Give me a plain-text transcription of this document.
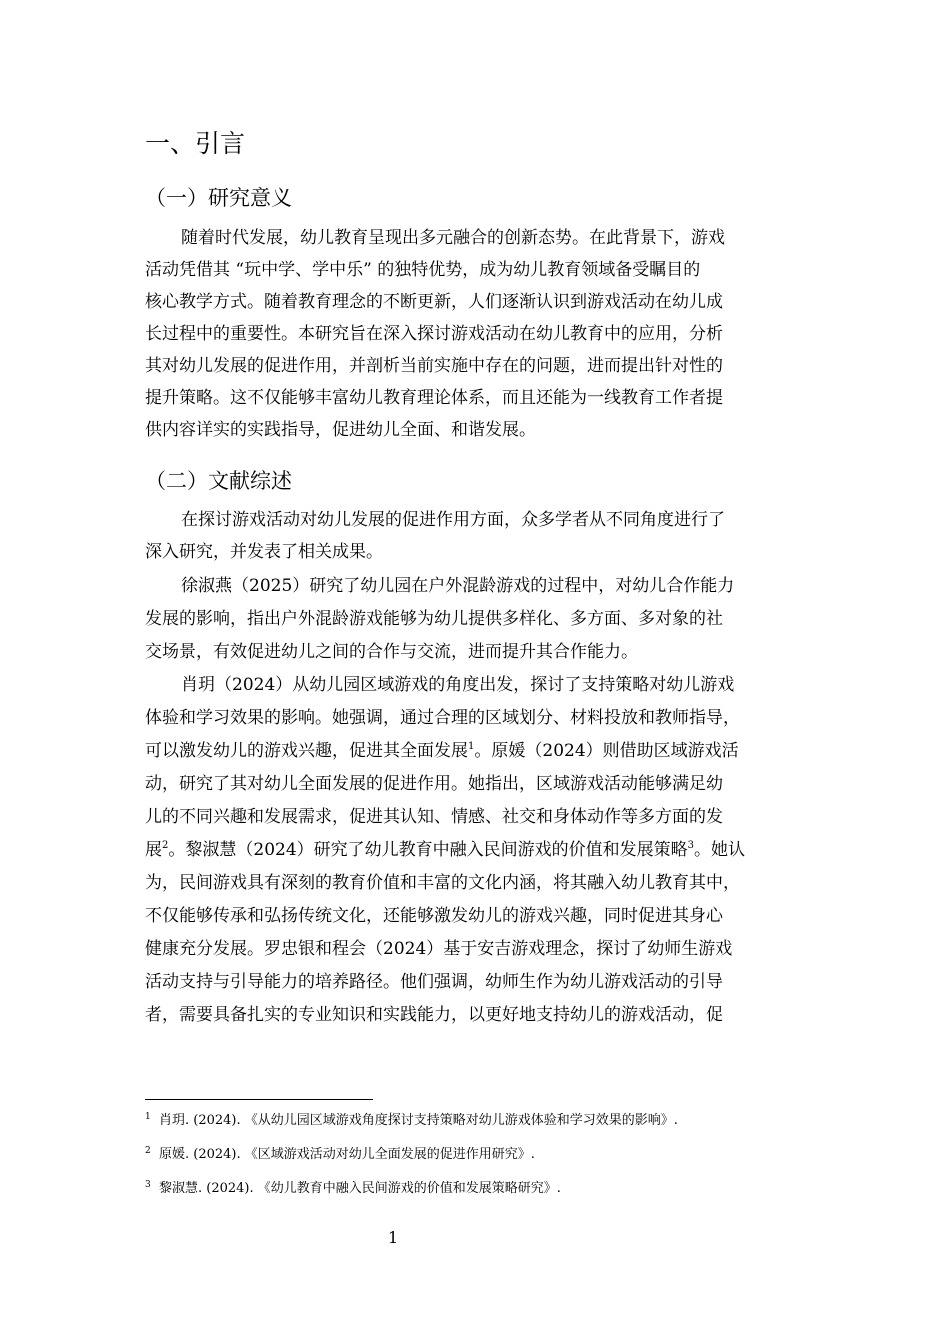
一、引言
（一）研究意义
随着时代发展，幼儿教育呈现出多元融合的创新态势。在此背景下，游戏
活动凭借其 “玩中学、学中乐” 的独特优势，成为幼儿教育领域备受瞩目的
核心教学方式。随着教育理念的不断更新，人们逐渐认识到游戏活动在幼儿成
长过程中的重要性。本研究旨在深入探讨游戏活动在幼儿教育中的应用，分析
其对幼儿发展的促进作用，并剖析当前实施中存在的问题，进而提出针对性的
提升策略。这不仅能够丰富幼儿教育理论体系，而且还能为一线教育工作者提
供内容详实的实践指导，促进幼儿全面、和谐发展。
（二）文献综述
在探讨游戏活动对幼儿发展的促进作用方面，众多学者从不同角度进行了
深入研究，并发表了相关成果。
徐淑燕（2025）研究了幼儿园在户外混龄游戏的过程中，对幼儿合作能力
发展的影响，指出户外混龄游戏能够为幼儿提供多样化、多方面、多对象的社
交场景，有效促进幼儿之间的合作与交流，进而提升其合作能力。
肖玥（2024）从幼儿园区域游戏的角度出发，探讨了支持策略对幼儿游戏
体验和学习效果的影响。她强调，通过合理的区域划分、材料投放和教师指导，
可以激发幼儿的游戏兴趣，促进其全面发展$^1$。原媛（2024）则借助区域游戏活
动，研究了其对幼儿全面发展的促进作用。她指出，区域游戏活动能够满足幼
儿的不同兴趣和发展需求，促进其认知、情感、社交和身体动作等多方面的发
展$^2$。黎淑慧（2024）研究了幼儿教育中融入民间游戏的价值和发展策略$^3$。她认
为，民间游戏具有深刻的教育价值和丰富的文化内涵，将其融入幼儿教育其中，
不仅能够传承和弘扬传统文化，还能够激发幼儿的游戏兴趣，同时促进其身心
健康充分发展。罗忠银和程会（2024）基于安吉游戏理念，探讨了幼师生游戏
活动支持与引导能力的培养路径。他们强调，幼师生作为幼儿游戏活动的引导
者，需要具备扎实的专业知识和实践能力，以更好地支持幼儿的游戏活动，促
$^1$ 肖玥. (2024). 《从幼儿园区域游戏角度探讨支持策略对幼儿游戏体验和学习效果的影响》.
$^2$ 原媛. (2024). 《区域游戏活动对幼儿全面发展的促进作用研究》.
$^3$ 黎淑慧. (2024). 《幼儿教育中融入民间游戏的价值和发展策略研究》.
1
